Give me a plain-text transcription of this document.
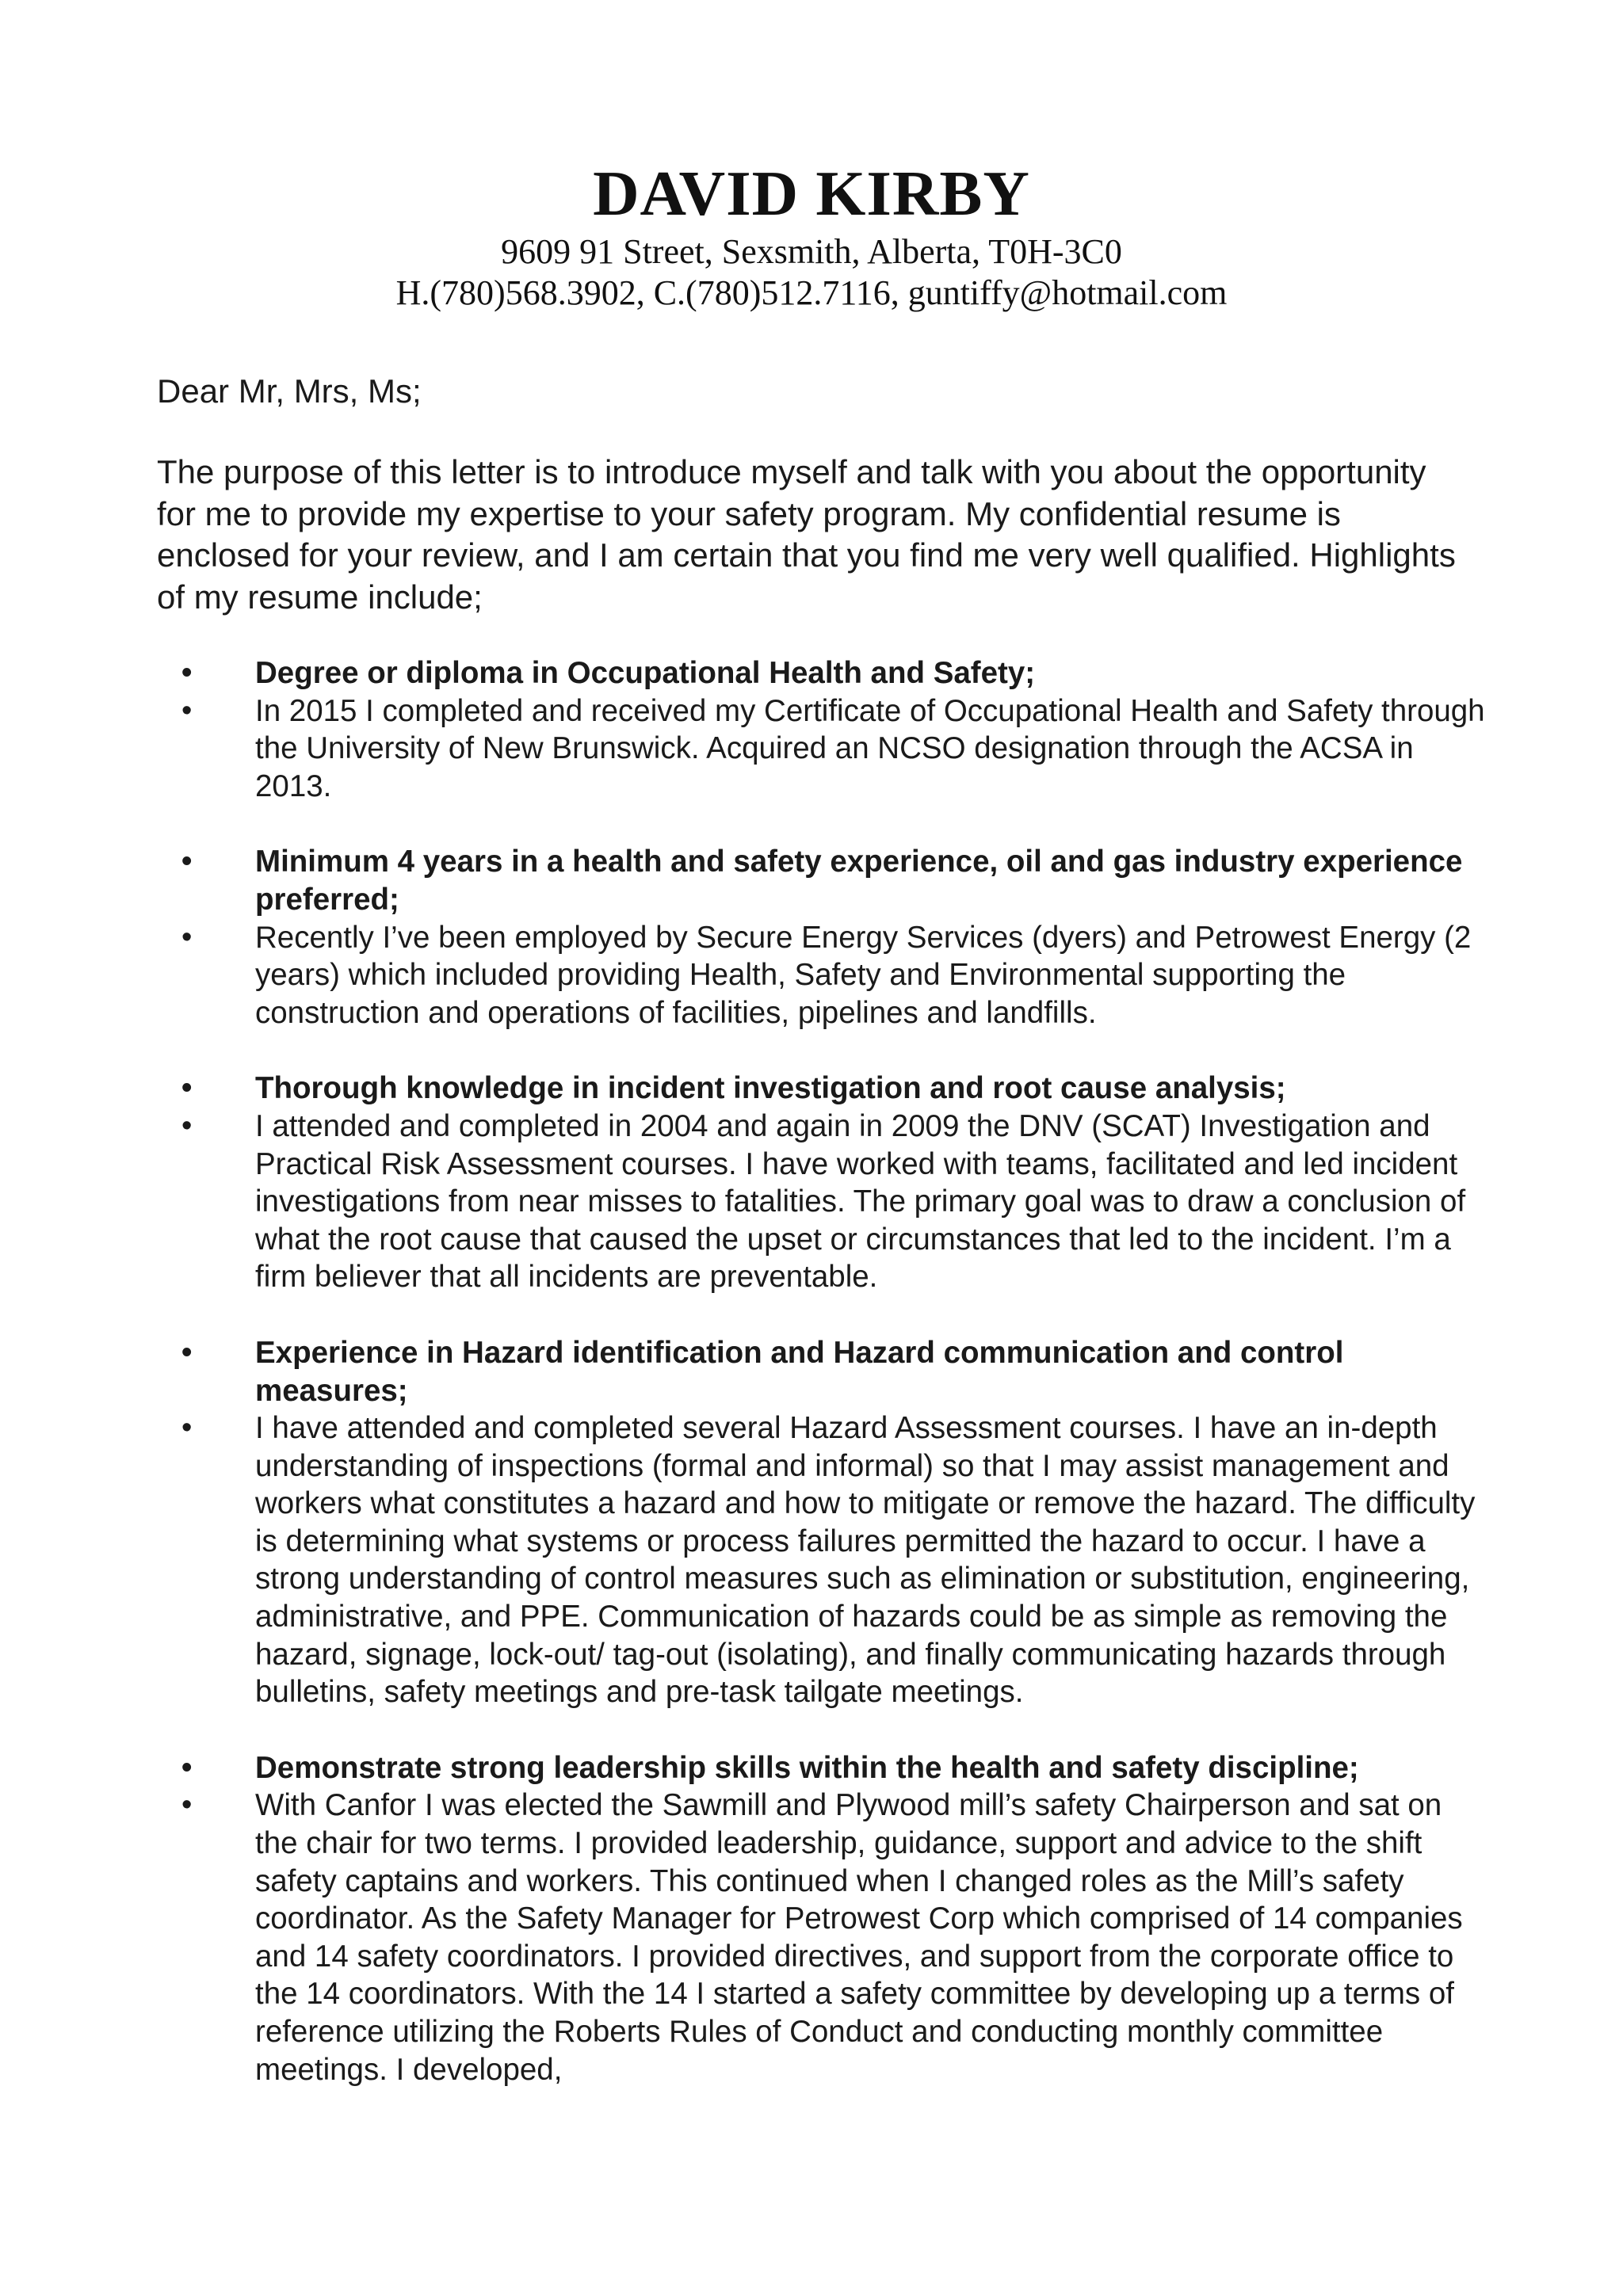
DAVID KIRBY
9609 91 Street, Sexsmith, Alberta, T0H-3C0
H.(780)568.3902, C.(780)512.7116, guntiffy@hotmail.com
Dear Mr, Mrs, Ms;
The purpose of this letter is to introduce myself and talk with you about the opportunity for me to provide my expertise to your safety program. My confidential resume is enclosed for your review, and I am certain that you find me very well qualified. Highlights of my resume include;
• Degree or diploma in Occupational Health and Safety;
• In 2015 I completed and received my Certificate of Occupational Health and Safety through the University of New Brunswick. Acquired an NCSO designation through the ACSA in 2013.
• Minimum 4 years in a health and safety experience, oil and gas industry experience preferred;
• Recently I’ve been employed by Secure Energy Services (dyers) and Petrowest Energy (2 years) which included providing Health, Safety and Environmental supporting the construction and operations of facilities, pipelines and landfills.
• Thorough knowledge in incident investigation and root cause analysis;
• I attended and completed in 2004 and again in 2009 the DNV (SCAT) Investigation and Practical Risk Assessment courses. I have worked with teams, facilitated and led incident investigations from near misses to fatalities. The primary goal was to draw a conclusion of what the root cause that caused the upset or circumstances that led to the incident. I’m a firm believer that all incidents are preventable.
• Experience in Hazard identification and Hazard communication and control measures;
• I have attended and completed several Hazard Assessment courses. I have an in-depth understanding of inspections (formal and informal) so that I may assist management and workers what constitutes a hazard and how to mitigate or remove the hazard. The difficulty is determining what systems or process failures permitted the hazard to occur. I have a strong understanding of control measures such as elimination or substitution, engineering, administrative, and PPE. Communication of hazards could be as simple as removing the hazard, signage, lock-out/ tag-out (isolating), and finally communicating hazards through bulletins, safety meetings and pre-task tailgate meetings.
• Demonstrate strong leadership skills within the health and safety discipline;
• With Canfor I was elected the Sawmill and Plywood mill’s safety Chairperson and sat on the chair for two terms. I provided leadership, guidance, support and advice to the shift safety captains and workers. This continued when I changed roles as the Mill’s safety coordinator. As the Safety Manager for Petrowest Corp which comprised of 14 companies and 14 safety coordinators. I provided directives, and support from the corporate office to the 14 coordinators. With the 14 I started a safety committee by developing up a terms of reference utilizing the Roberts Rules of Conduct and conducting monthly committee meetings. I developed,
